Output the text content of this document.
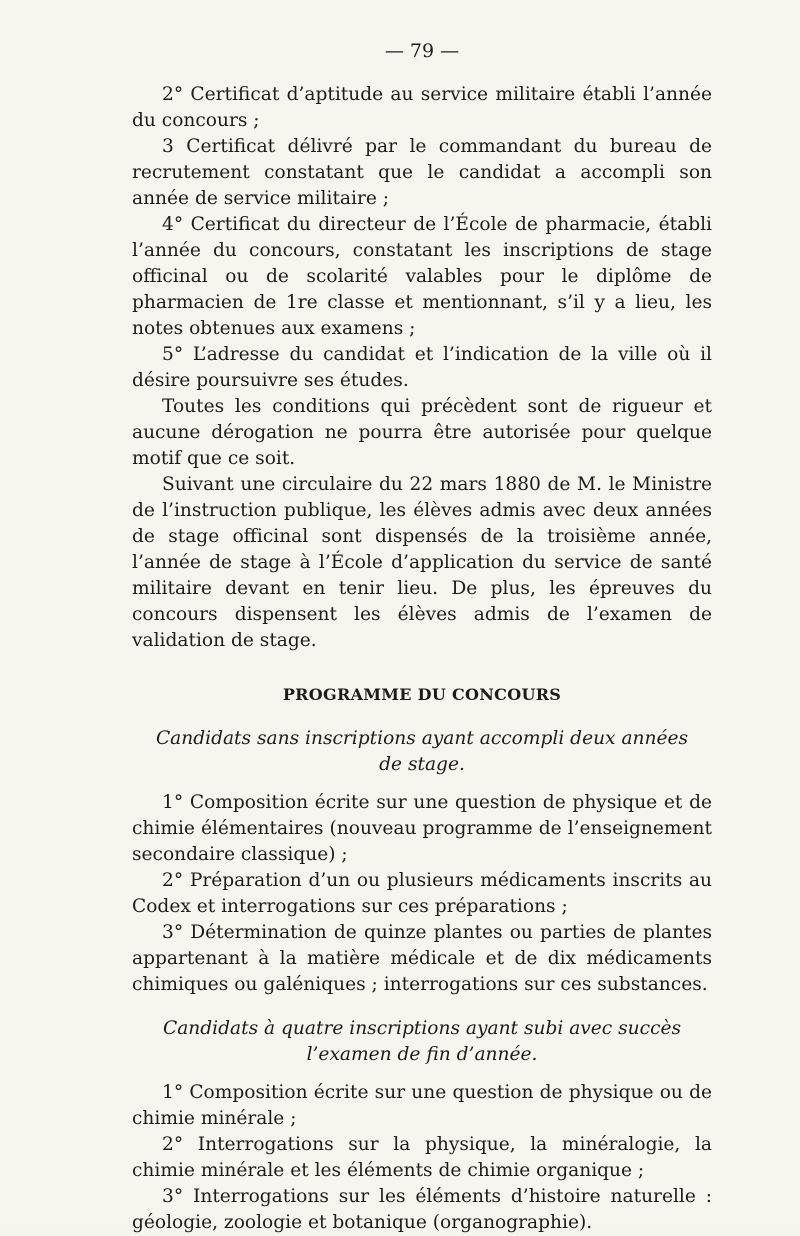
— 79 —

2° Certificat d’aptitude au service militaire établi l’année du concours ;

3 Certificat délivré par le commandant du bureau de recrutement constatant que le candidat a accompli son année de service militaire ;

4° Certificat du directeur de l’École de pharmacie, établi l’année du concours, constatant les inscriptions de stage officinal ou de scolarité valables pour le diplôme de pharmacien de 1re classe et mentionnant, s’il y a lieu, les notes obtenues aux examens ;

5° L’adresse du candidat et l’indication de la ville où il désire poursuivre ses études.

Toutes les conditions qui précèdent sont de rigueur et aucune dérogation ne pourra être autorisée pour quelque motif que ce soit.

Suivant une circulaire du 22 mars 1880 de M. le Ministre de l’instruction publique, les élèves admis avec deux années de stage officinal sont dispensés de la troisième année, l’année de stage à l’École d’application du service de santé militaire devant en tenir lieu. De plus, les épreuves du concours dispensent les élèves admis de l’examen de validation de stage.

PROGRAMME DU CONCOURS
Candidats sans inscriptions ayant accompli deux années de stage.

1° Composition écrite sur une question de physique et de chimie élémentaires (nouveau programme de l’enseignement secondaire classique) ;

2° Préparation d’un ou plusieurs médicaments inscrits au Codex et interrogations sur ces préparations ;

3° Détermination de quinze plantes ou parties de plantes appartenant à la matière médicale et de dix médicaments chimiques ou galéniques ; interrogations sur ces substances.

Candidats à quatre inscriptions ayant subi avec succès l’examen de fin d’année.

1° Composition écrite sur une question de physique ou de chimie minérale ;

2° Interrogations sur la physique, la minéralogie, la chimie minérale et les éléments de chimie organique ;

3° Interrogations sur les éléments d’histoire naturelle : géologie, zoologie et botanique (organographie).
